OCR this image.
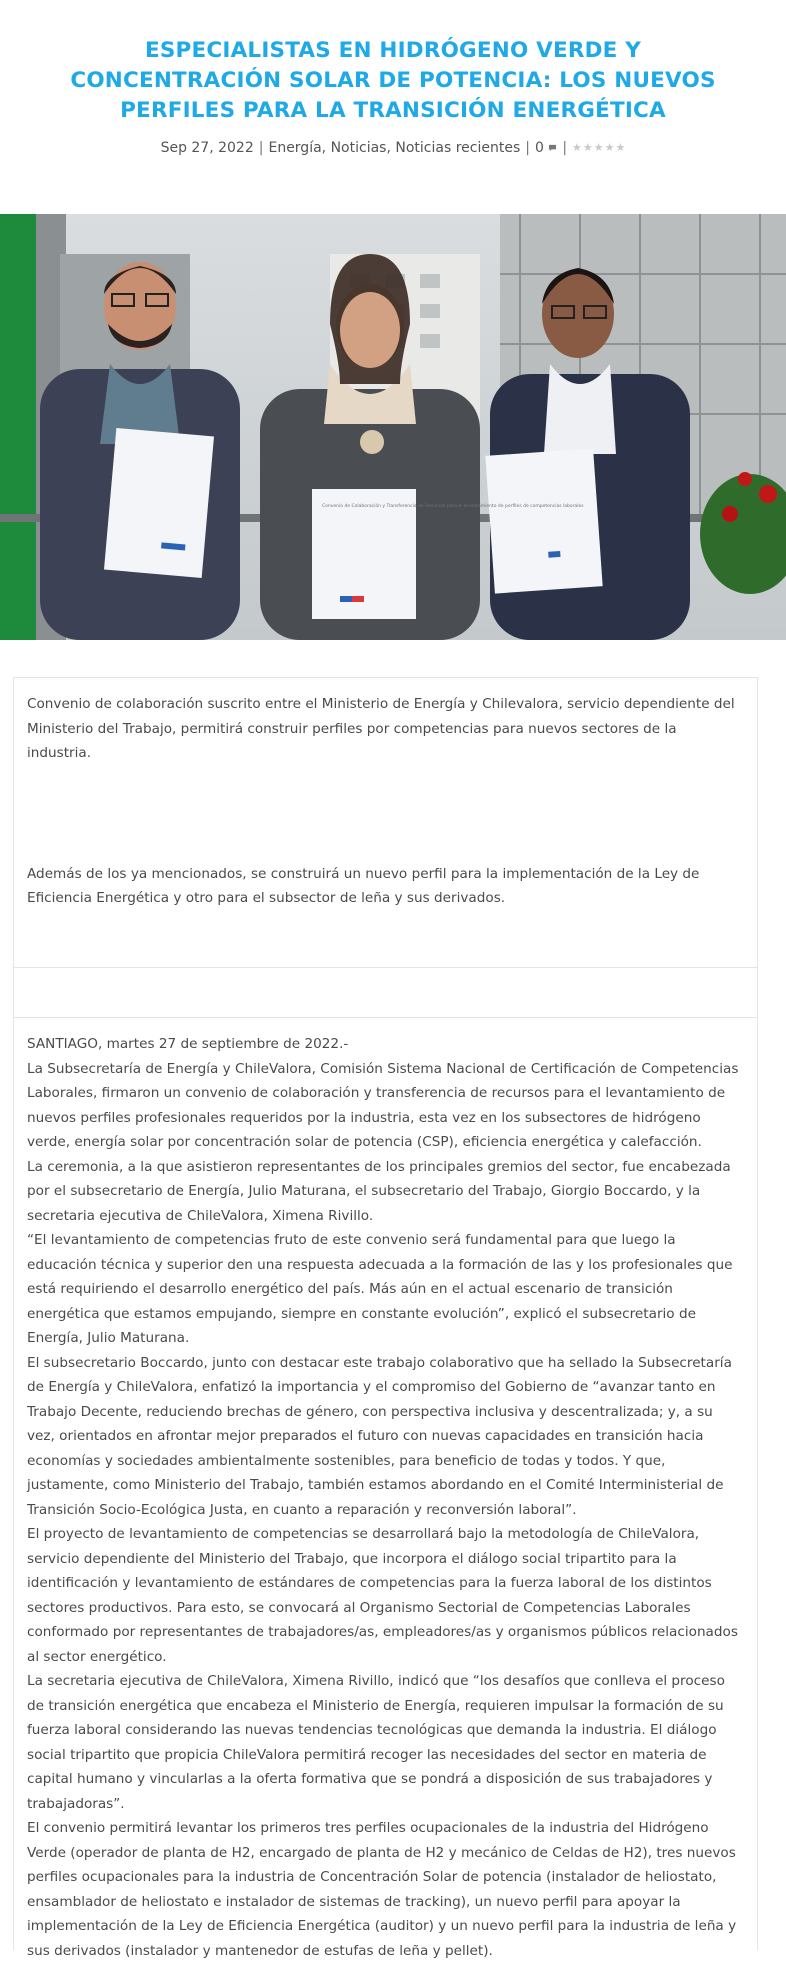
ESPECIALISTAS EN HIDRÓGENO VERDE Y CONCENTRACIÓN SOLAR DE POTENCIA: LOS NUEVOS PERFILES PARA LA TRANSICIÓN ENERGÉTICA
Sep 27, 2022 | Energía, Noticias, Noticias recientes | 0	| ★ ★ ★ ★ ★
Convenio de Colaboración y Transferencia de Recursos para el levantamiento de perfiles de competencias laborales

Convenio de colaboración suscrito entre el Ministerio de Energía y Chilevalora, servicio dependiente del Ministerio del Trabajo, permitirá construir perfiles por competencias para nuevos sectores de la industria.

Además de los ya mencionados, se construirá un nuevo perfil para la implementación de la Ley de Eficiencia Energética y otro para el subsector de leña y sus derivados.

SANTIAGO, martes 27 de septiembre de 2022.-

La Subsecretaría de Energía y ChileValora, Comisión Sistema Nacional de Certificación de Competencias Laborales, firmaron un convenio de colaboración y transferencia de recursos para el levantamiento de nuevos perfiles profesionales requeridos por la industria, esta vez en los subsectores de hidrógeno verde, energía solar por concentración solar de potencia (CSP), eficiencia energética y calefacción.

La ceremonia, a la que asistieron representantes de los principales gremios del sector, fue encabezada por el subsecretario de Energía, Julio Maturana, el subsecretario del Trabajo, Giorgio Boccardo, y la secretaria ejecutiva de ChileValora, Ximena Rivillo.

“El levantamiento de competencias fruto de este convenio será fundamental para que luego la educación técnica y superior den una respuesta adecuada a la formación de las y los profesionales que está requiriendo el desarrollo energético del país. Más aún en el actual escenario de transición energética que estamos empujando, siempre en constante evolución”, explicó el subsecretario de Energía, Julio Maturana.

El subsecretario Boccardo, junto con destacar este trabajo colaborativo que ha sellado la Subsecretaría de Energía y ChileValora, enfatizó la importancia y el compromiso del Gobierno de “avanzar tanto en Trabajo Decente, reduciendo brechas de género, con perspectiva inclusiva y descentralizada; y, a su vez, orientados en afrontar mejor preparados el futuro con nuevas capacidades en transición hacia economías y sociedades ambientalmente sostenibles, para beneficio de todas y todos. Y que, justamente, como Ministerio del Trabajo, también estamos abordando en el Comité Interministerial de Transición Socio-Ecológica Justa, en cuanto a reparación y reconversión laboral”.

El proyecto de levantamiento de competencias se desarrollará bajo la metodología de ChileValora, servicio dependiente del Ministerio del Trabajo, que incorpora el diálogo social tripartito para la identificación y levantamiento de estándares de competencias para la fuerza laboral de los distintos sectores productivos. Para esto, se convocará al Organismo Sectorial de Competencias Laborales conformado por representantes de trabajadores/as, empleadores/as y organismos públicos relacionados al sector energético.

La secretaria ejecutiva de ChileValora, Ximena Rivillo, indicó que “los desafíos que conlleva el proceso de transición energética que encabeza el Ministerio de Energía, requieren impulsar la formación de su fuerza laboral considerando las nuevas tendencias tecnológicas que demanda la industria. El diálogo social tripartito que propicia ChileValora permitirá recoger las necesidades del sector en materia de capital humano y vincularlas a la oferta formativa que se pondrá a disposición de sus trabajadores y trabajadoras”.

El convenio permitirá levantar los primeros tres perfiles ocupacionales de la industria del Hidrógeno Verde (operador de planta de H2, encargado de planta de H2 y mecánico de Celdas de H2), tres nuevos perfiles ocupacionales para la industria de Concentración Solar de potencia (instalador de heliostato, ensamblador de heliostato e instalador de sistemas de tracking), un nuevo perfil para apoyar la implementación de la Ley de Eficiencia Energética (auditor) y un nuevo perfil para la industria de leña y sus derivados (instalador y mantenedor de estufas de leña y pellet).
